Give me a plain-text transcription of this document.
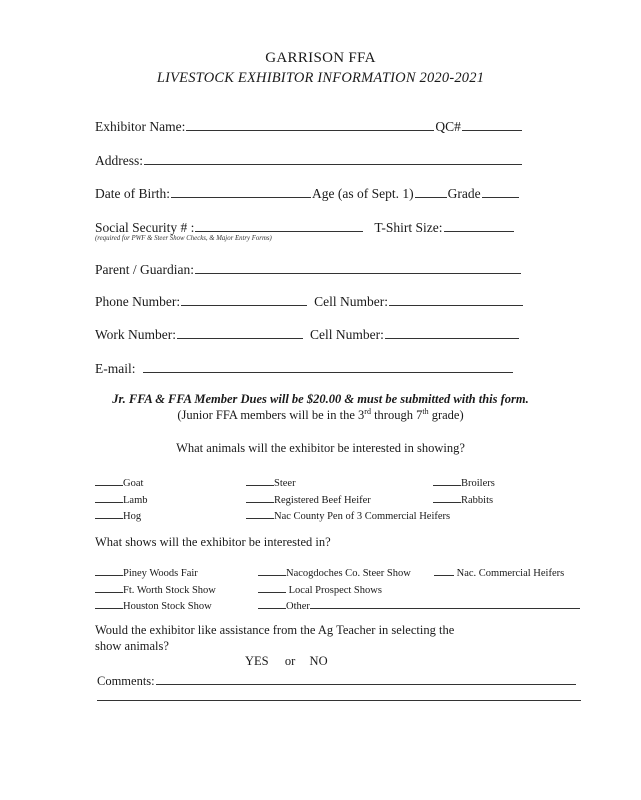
GARRISON FFA
LIVESTOCK EXHIBITOR INFORMATION 2020-2021
Exhibitor Name:	QC#
Address:
Date of Birth:	Age (as of Sept. 1)	Grade
Social Security # :	T-Shirt Size:
(required for PWF & Steer Show Checks, & Major Entry Forms)
Parent / Guardian:
Phone Number:	Cell Number:
Work Number:	Cell Number:
E-mail:
Jr. FFA & FFA Member Dues will be $20.00 & must be submitted with this form.
(Junior FFA members will be in the 3rd through 7th grade)
What animals will the exhibitor be interested in showing?
Goat
Lamb
Hog
Steer
Registered Beef Heifer
Nac County Pen of 3 Commercial Heifers
Broilers
Rabbits
What shows will the exhibitor be interested in?
Piney Woods Fair
Ft. Worth Stock Show
Houston Stock Show
Nacogdoches Co. Steer Show
Local Prospect Shows
Other
Nac. Commercial Heifers
Would the exhibitor like assistance from the Ag Teacher in selecting the
show animals?
YES or NO
Comments:
